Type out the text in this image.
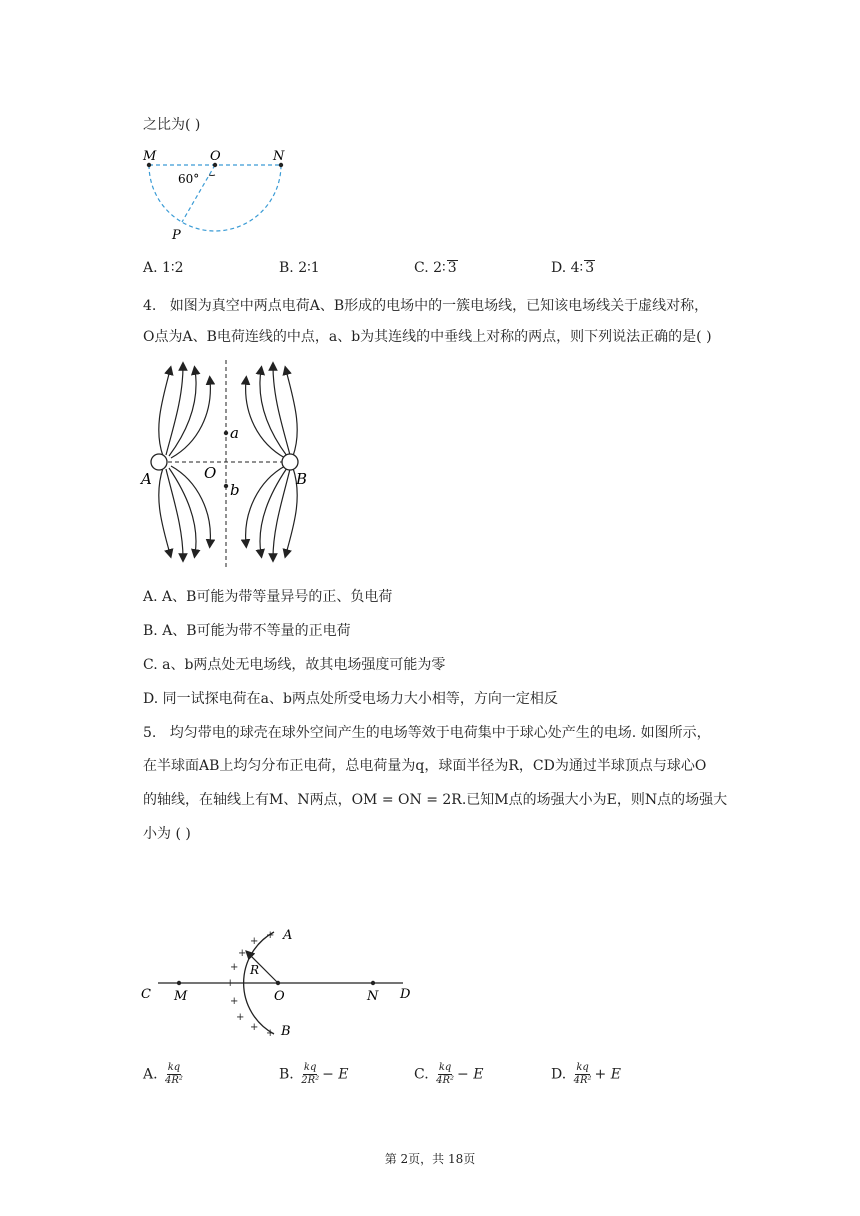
之比为( )
M	O	N
60°
P
A. 1∶2	B. 2∶1	C. 2∶ 3	D. 4∶ 3
4. 如图为真空中两点电荷A、B形成的电场中的一簇电场线，已知该电场线关于虚线对称，
O点为A、B电荷连线的中点，a、b为其连线的中垂线上对称的两点，则下列说法正确的是( )
a
b
O
A	B
A. A、B可能为带等量异号的正、负电荷
B. A、B可能为带不等量的正电荷
C. a、b两点处无电场线，故其电场强度可能为零
D. 同一试探电荷在a、b两点处所受电场力大小相等，方向一定相反
5. 均匀带电的球壳在球外空间产生的电场等效于电荷集中于球心处产生的电场. 如图所示，
在半球面AB上均匀分布正电荷，总电荷量为q，球面半径为R，CD为通过半球顶点与球心O
的轴线，在轴线上有M、N两点，OM = ON = 2R.已知M点的场强大小为E，则N点的场强大
小为 ( )
+
+
+
+
+
+
+
+
+
C M	O	N D
A
B
R
A. $\frac{kq}{\text{4R²}}$	B. $\frac{kq}{\text{2R²}} - E$	C. $\frac{kq}{\text{4R²}} - E$	D. $\frac{kq}{\text{4R²}} + E$
第 2页，共 18页
